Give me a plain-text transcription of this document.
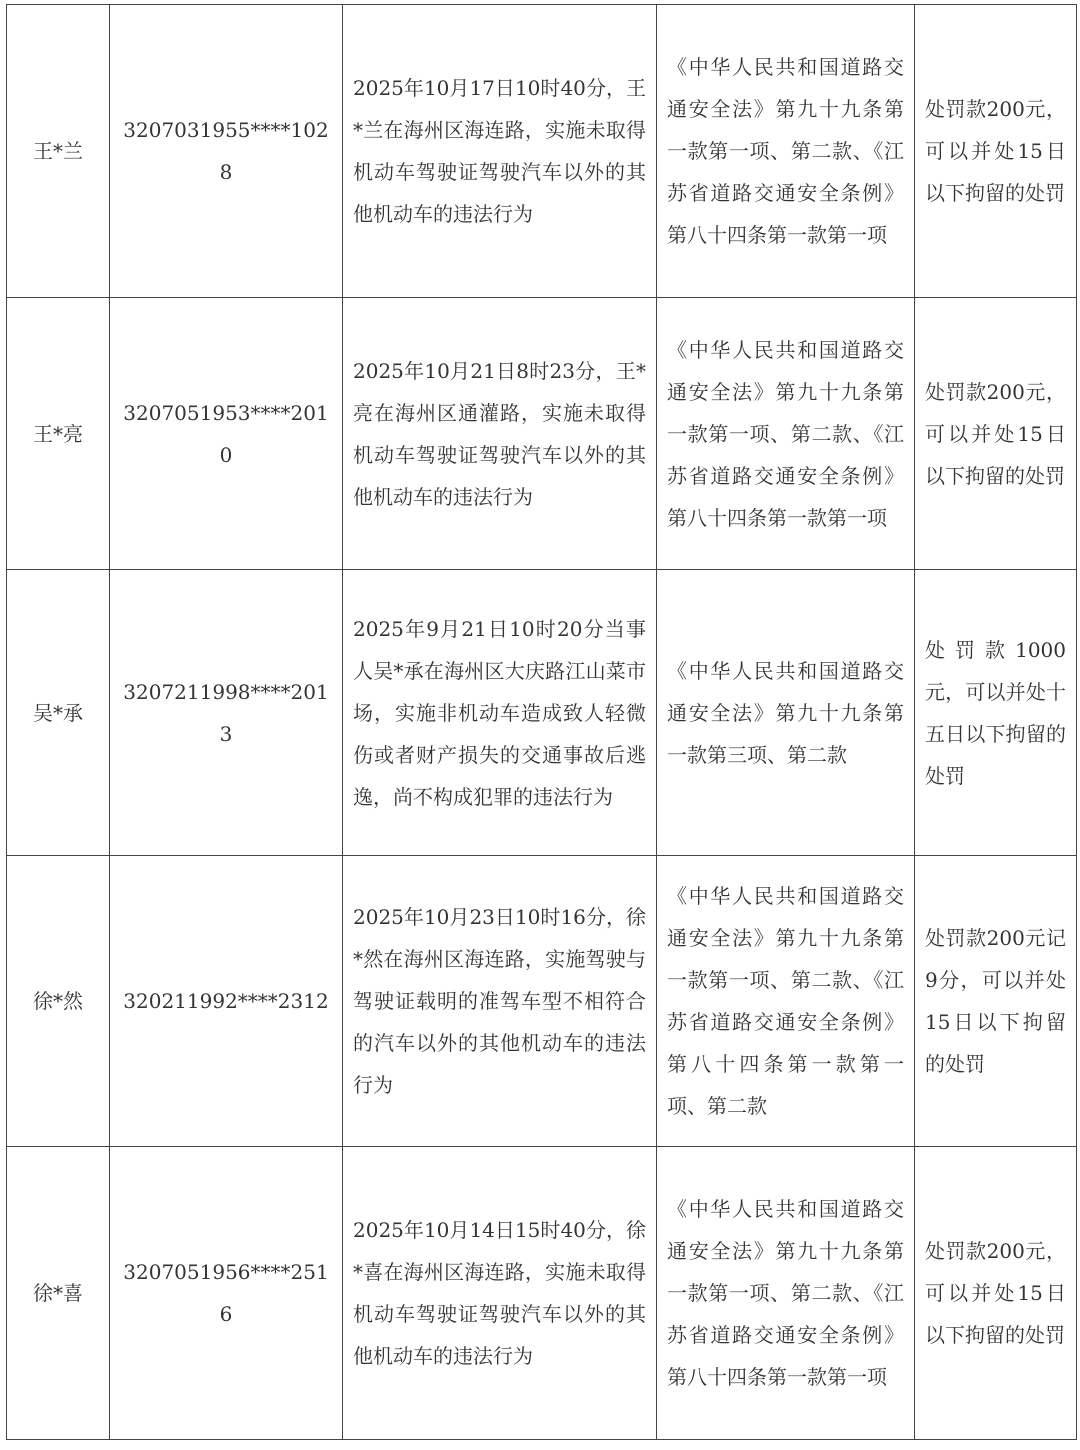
王*兰	3207031955****1028	2025年10月17日10时40分，王*兰在海州区海连路，实施未取得机动车驾驶证驾驶汽车以外的其他机动车的违法行为	《中华人民共和国道路交通安全法》第九十九条第一款第一项、第二款、《江苏省道路交通安全条例》第八十四条第一款第一项	处罚款200元，可以并处15日以下拘留的处罚
王*亮	3207051953****2010	2025年10月21日8时23分，王*亮在海州区通灌路，实施未取得机动车驾驶证驾驶汽车以外的其他机动车的违法行为	《中华人民共和国道路交通安全法》第九十九条第一款第一项、第二款、《江苏省道路交通安全条例》第八十四条第一款第一项	处罚款200元，可以并处15日以下拘留的处罚
吴*承	3207211998****2013	2025年9月21日10时20分当事人吴*承在海州区大庆路江山菜市场，实施非机动车造成致人轻微伤或者财产损失的交通事故后逃逸，尚不构成犯罪的违法行为	《中华人民共和国道路交通安全法》第九十九条第一款第三项、第二款	处罚款1000元，可以并处十五日以下拘留的处罚
徐*然	320211992****2312	2025年10月23日10时16分，徐*然在海州区海连路，实施驾驶与驾驶证载明的准驾车型不相符合的汽车以外的其他机动车的违法行为	《中华人民共和国道路交通安全法》第九十九条第一款第一项、第二款、《江苏省道路交通安全条例》第八十四条第一款第一项、第二款	处罚款200元记9分，可以并处15日以下拘留的处罚
徐*喜	3207051956****2516	2025年10月14日15时40分，徐*喜在海州区海连路，实施未取得机动车驾驶证驾驶汽车以外的其他机动车的违法行为	《中华人民共和国道路交通安全法》第九十九条第一款第一项、第二款、《江苏省道路交通安全条例》第八十四条第一款第一项	处罚款200元，可以并处15日以下拘留的处罚
